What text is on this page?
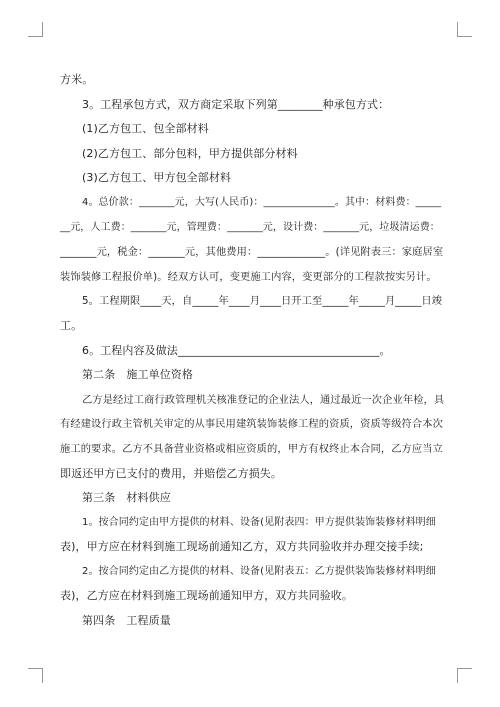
方米。

3。工程承包方式，双方商定采取下列第________种承包方式：

(1)乙方包工、包全部材料

(2)乙方包工、部分包料，甲方提供部分材料

(3)乙方包工、甲方包全部材料

4。总价款：_______元，大写(人民币)：______________。其中：材料费：_____

__元，人工费：_______元，管理费：_______元，设计费：_______元，垃圾清运费：

_______元，税金：_______元，其他费用：_____________。(详见附表三：家庭居室

装饰装修工程报价单)。经双方认可，变更施工内容，变更部分的工程款按实另计。

5。工程期限____天，自_____年____月____日开工至_____年_____月_____日竣

工。

6。工程内容及做法____________________________________。

第二条　施工单位资格

乙方是经过工商行政管理机关核准登记的企业法人，通过最近一次企业年检，具

有经建设行政主管机关审定的从事民用建筑装饰装修工程的资质，资质等级符合本次

施工的要求。乙方不具备营业资格或相应资质的，甲方有权终止本合同，乙方应当立

即返还甲方已支付的费用，并赔偿乙方损失。

第三条　材料供应

1。按合同约定由甲方提供的材料、设备(见附表四：甲方提供装饰装修材料明细

表)，甲方应在材料到施工现场前通知乙方，双方共同验收并办理交接手续;

2。按合同约定由乙方提供的材料、设备(见附表五：乙方提供装饰装修材料明细

表)，乙方应在材料到施工现场前通知甲方，双方共同验收。

第四条　工程质量
